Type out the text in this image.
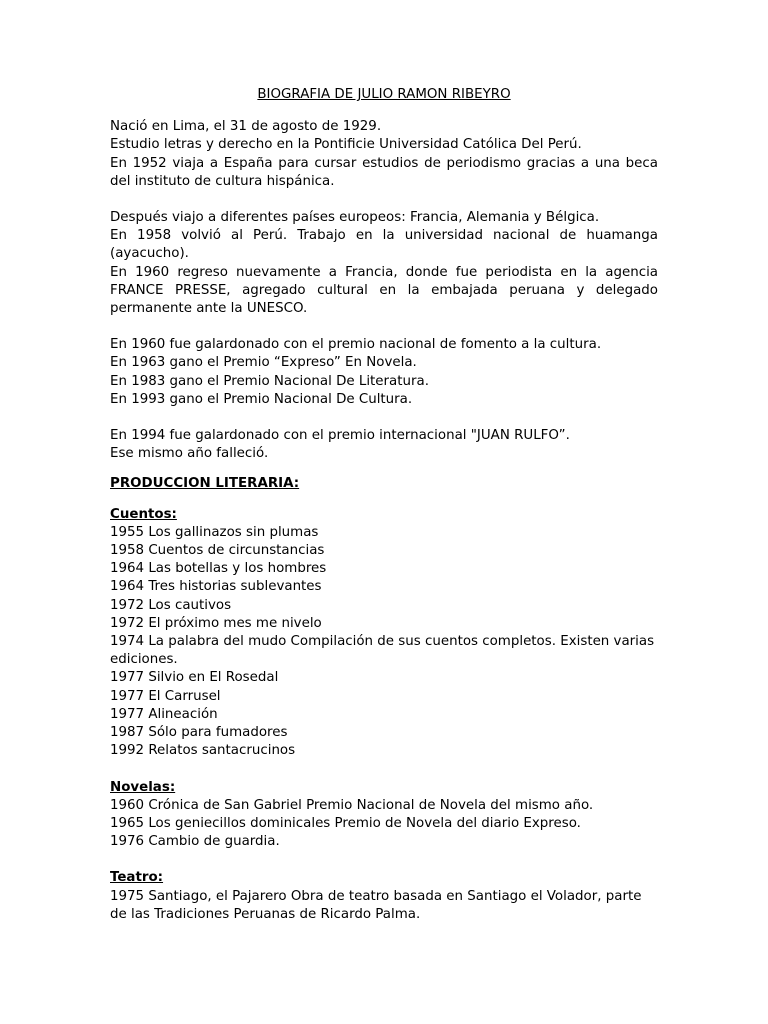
BIOGRAFIA DE JULIO RAMON RIBEYRO

Nació en Lima, el 31 de agosto de 1929.

Estudio letras y derecho en la Pontificie Universidad Católica Del Perú.

En 1952 viaja a España para cursar estudios de periodismo gracias a una beca del instituto de cultura hispánica.

Después viajo a diferentes países europeos: Francia, Alemania y Bélgica.

En 1958 volvió al Perú. Trabajo en la universidad nacional de huamanga (ayacucho).

En 1960 regreso nuevamente a Francia, donde fue periodista en la agencia FRANCE PRESSE, agregado cultural en la embajada peruana y delegado permanente ante la UNESCO.

En 1960 fue galardonado con el premio nacional de fomento a la cultura.

En 1963 gano el Premio “Expreso” En Novela.

En 1983 gano el Premio Nacional De Literatura.

En 1993 gano el Premio Nacional De Cultura.

En 1994 fue galardonado con el premio internacional "JUAN RULFO”.

Ese mismo año falleció.

PRODUCCION LITERARIA:

Cuentos:

1955 Los gallinazos sin plumas
1958 Cuentos de circunstancias
1964 Las botellas y los hombres
1964 Tres historias sublevantes
1972 Los cautivos
1972 El próximo mes me nivelo
1974 La palabra del mudo Compilación de sus cuentos completos. Existen varias ediciones.
1977 Silvio en El Rosedal
1977 El Carrusel
1977 Alineación
1987 Sólo para fumadores
1992 Relatos santacrucinos

Novelas:

1960 Crónica de San Gabriel Premio Nacional de Novela del mismo año.
1965 Los geniecillos dominicales Premio de Novela del diario Expreso.
1976 Cambio de guardia.

Teatro:

1975 Santiago, el Pajarero Obra de teatro basada en Santiago el Volador, parte de las Tradiciones Peruanas de Ricardo Palma.
